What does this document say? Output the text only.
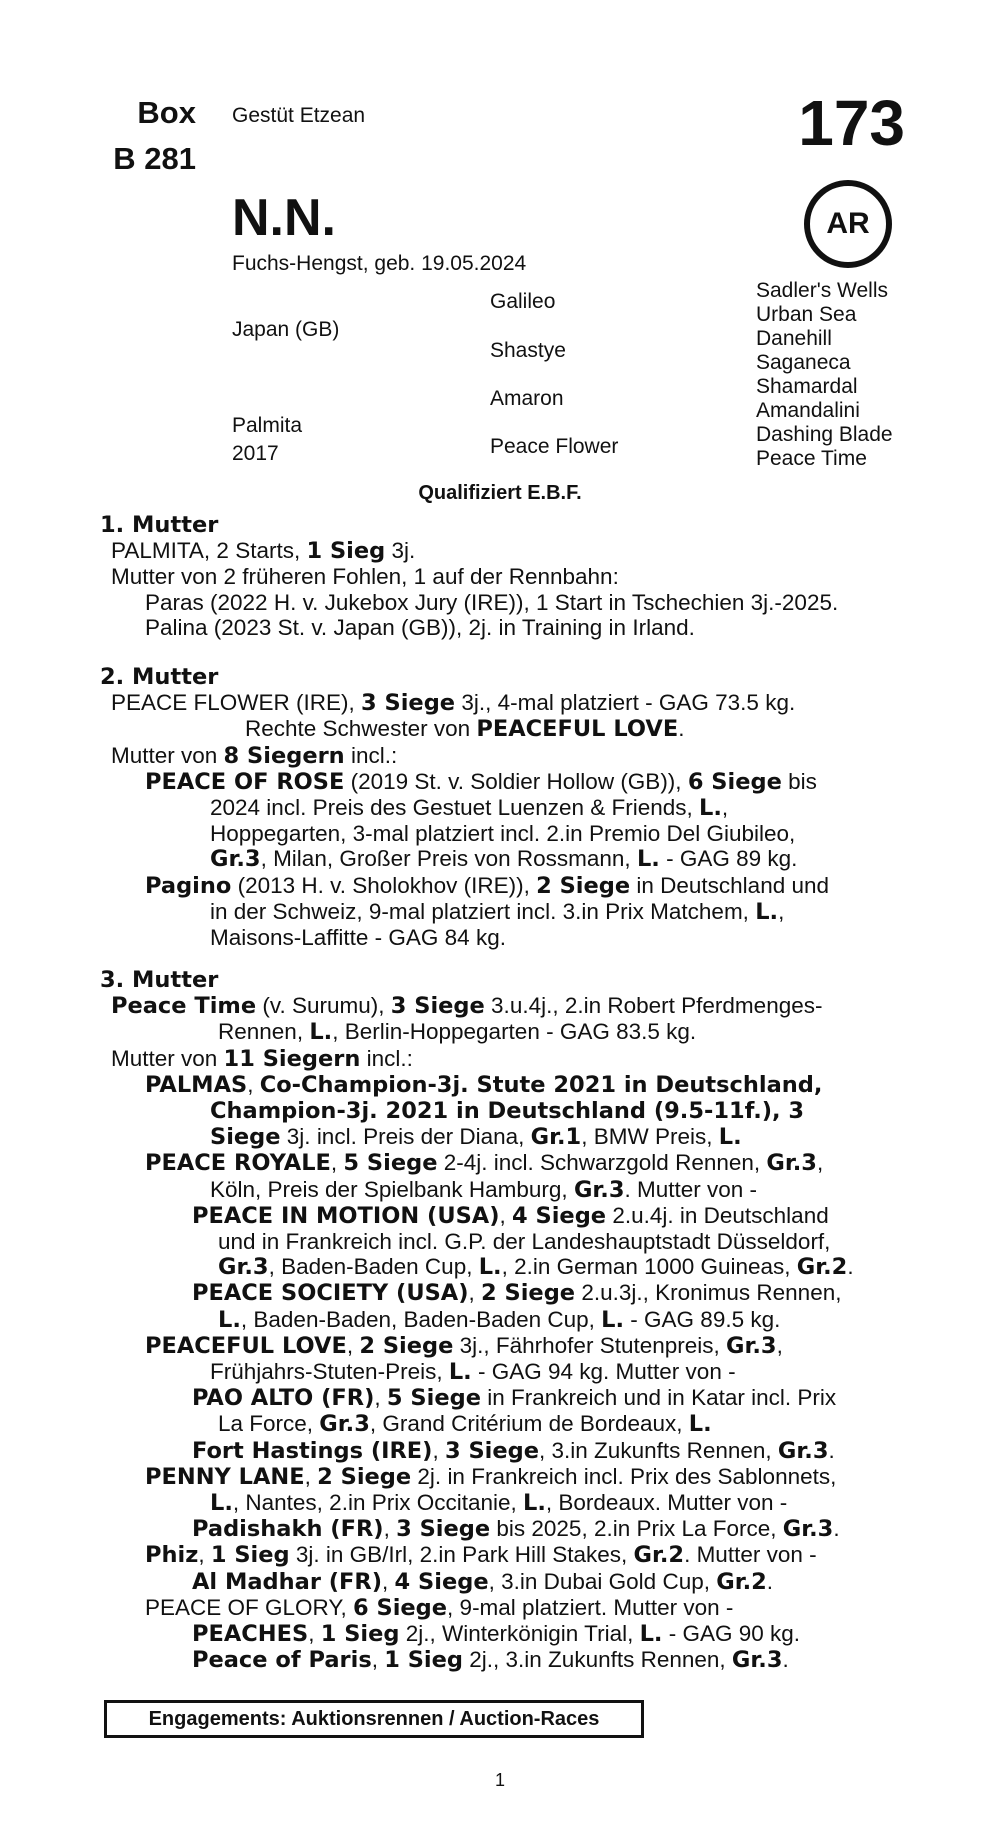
Box
B 281
Gestüt Etzean	173
AR
N.N.
Fuchs-Hengst, geb. 19.05.2024
Japan (GB)
Palmita
2017
Galileo
Shastye
Amaron
Peace Flower
Sadler's Wells
Urban Sea
Danehill
Saganeca
Shamardal
Amandalini
Dashing Blade
Peace Time
Qualifiziert E.B.F.
1. Mutter
PALMITA, 2 Starts, 1 Sieg 3j.
Mutter von 2 früheren Fohlen, 1 auf der Rennbahn:
Paras (2022 H. v. Jukebox Jury (IRE)), 1 Start in Tschechien 3j.-2025.
Palina (2023 St. v. Japan (GB)), 2j. in Training in Irland.
2. Mutter
PEACE FLOWER (IRE), 3 Siege 3j., 4-mal platziert - GAG 73.5 kg.
Rechte Schwester von PEACEFUL LOVE.
Mutter von 8 Siegern incl.:
PEACE OF ROSE (2019 St. v. Soldier Hollow (GB)), 6 Siege bis
2024 incl. Preis des Gestuet Luenzen & Friends, L.,
Hoppegarten, 3-mal platziert incl. 2.in Premio Del Giubileo,
Gr.3, Milan, Großer Preis von Rossmann, L. - GAG 89 kg.
Pagino (2013 H. v. Sholokhov (IRE)), 2 Siege in Deutschland und
in der Schweiz, 9-mal platziert incl. 3.in Prix Matchem, L.,
Maisons-Laffitte - GAG 84 kg.
3. Mutter
Peace Time (v. Surumu), 3 Siege 3.u.4j., 2.in Robert Pferdmenges-
Rennen, L., Berlin-Hoppegarten - GAG 83.5 kg.
Mutter von 11 Siegern incl.:
PALMAS, Co-Champion-3j. Stute 2021 in Deutschland,
Champion-3j. 2021 in Deutschland (9.5-11f.), 3
Siege 3j. incl. Preis der Diana, Gr.1, BMW Preis, L.
PEACE ROYALE, 5 Siege 2-4j. incl. Schwarzgold Rennen, Gr.3,
Köln, Preis der Spielbank Hamburg, Gr.3. Mutter von -
PEACE IN MOTION (USA), 4 Siege 2.u.4j. in Deutschland
und in Frankreich incl. G.P. der Landeshauptstadt Düsseldorf,
Gr.3, Baden-Baden Cup, L., 2.in German 1000 Guineas, Gr.2.
PEACE SOCIETY (USA), 2 Siege 2.u.3j., Kronimus Rennen,
L., Baden-Baden, Baden-Baden Cup, L. - GAG 89.5 kg.
PEACEFUL LOVE, 2 Siege 3j., Fährhofer Stutenpreis, Gr.3,
Frühjahrs-Stuten-Preis, L. - GAG 94 kg. Mutter von -
PAO ALTO (FR), 5 Siege in Frankreich und in Katar incl. Prix
La Force, Gr.3, Grand Critérium de Bordeaux, L.
Fort Hastings (IRE), 3 Siege, 3.in Zukunfts Rennen, Gr.3.
PENNY LANE, 2 Siege 2j. in Frankreich incl. Prix des Sablonnets,
L., Nantes, 2.in Prix Occitanie, L., Bordeaux. Mutter von -
Padishakh (FR), 3 Siege bis 2025, 2.in Prix La Force, Gr.3.
Phiz, 1 Sieg 3j. in GB/Irl, 2.in Park Hill Stakes, Gr.2. Mutter von -
Al Madhar (FR), 4 Siege, 3.in Dubai Gold Cup, Gr.2.
PEACE OF GLORY, 6 Siege, 9-mal platziert. Mutter von -
PEACHES, 1 Sieg 2j., Winterkönigin Trial, L. - GAG 90 kg.
Peace of Paris, 1 Sieg 2j., 3.in Zukunfts Rennen, Gr.3.
Engagements: Auktionsrennen / Auction-Races
1
